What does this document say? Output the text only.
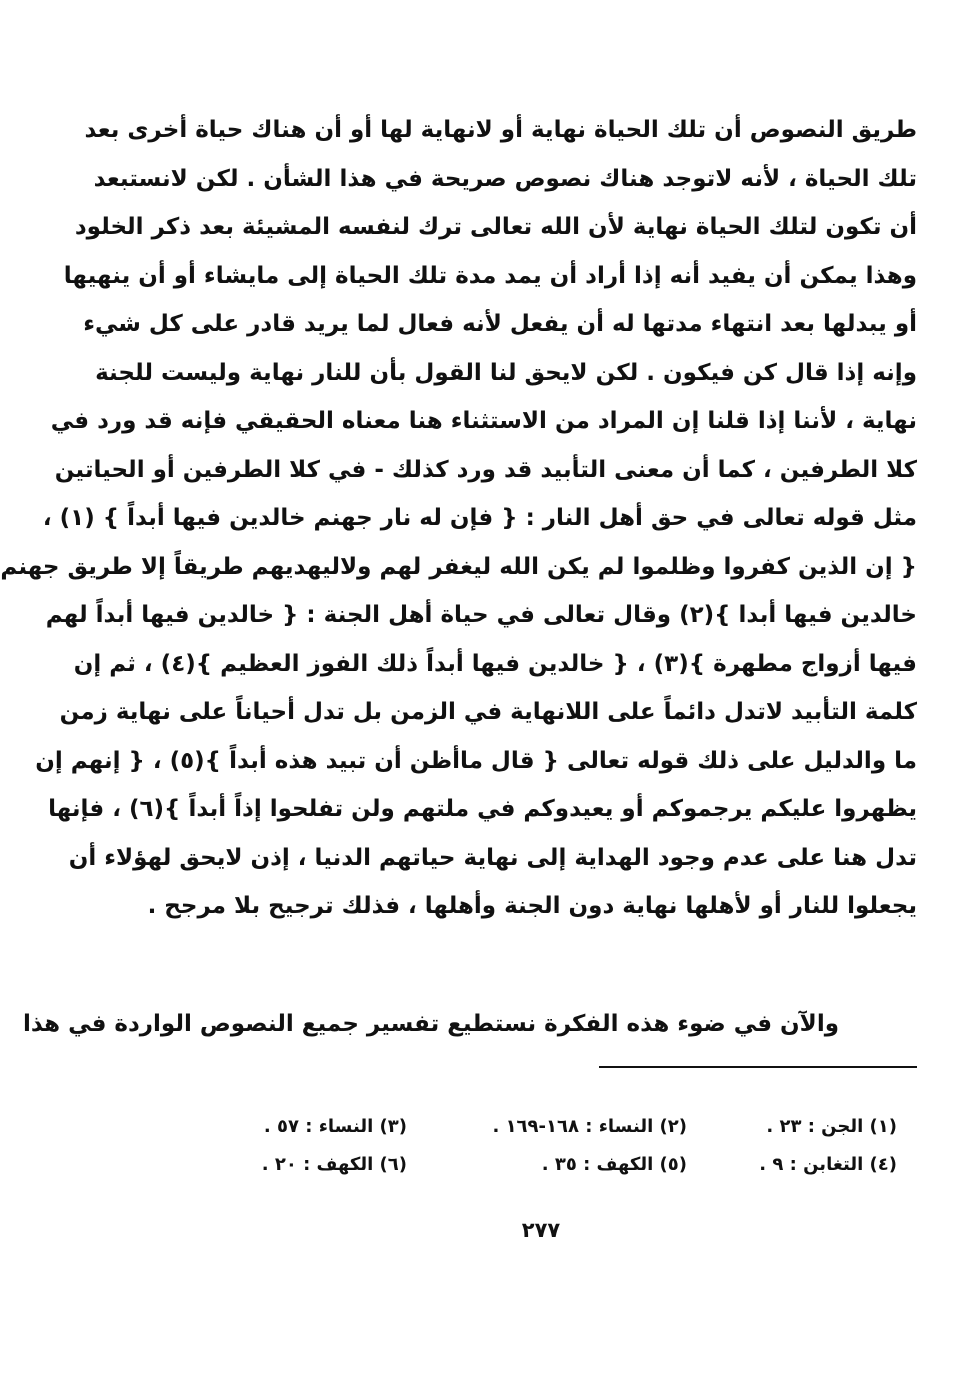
طريق النصوص أن تلك الحياة نهاية أو لانهاية لها أو أن هناك حياة أخرى بعد
تلك الحياة ، لأنه لاتوجد هناك نصوص صريحة في هذا الشأن . لكن لانستبعد
أن تكون لتلك الحياة نهاية لأن الله تعالى ترك لنفسه المشيئة بعد ذكر الخلود
وهذا يمكن أن يفيد أنه إذا أراد أن يمد مدة تلك الحياة إلى مايشاء أو أن ينهيها
أو يبدلها بعد انتهاء مدتها له أن يفعل لأنه فعال لما يريد قادر على كل شيء
وإنه إذا قال كن فيكون . لكن لايحق لنا القول بأن للنار نهاية وليست للجنة
نهاية ، لأننا إذا قلنا إن المراد من الاستثناء هنا معناه الحقيقي فإنه قد ورد في
كلا الطرفين ، كما أن معنى التأبيد قد ورد كذلك - في كلا الطرفين أو الحياتين
مثل قوله تعالى في حق أهل النار : { فإن له نار جهنم خالدين فيها أبداً } (١) ،
{ إن الذين كفروا وظلموا لم يكن الله ليغفر لهم ولاليهديهم طريقاً إلا طريق جهنم
خالدين فيها أبدا }(٢) وقال تعالى في حياة أهل الجنة : { خالدين فيها أبداً لهم
فيها أزواج مطهرة }(٣) ، { خالدين فيها أبداً ذلك الفوز العظيم }(٤) ، ثم إن
كلمة التأبيد لاتدل دائماً على اللانهاية في الزمن بل تدل أحياناً على نهاية زمن
ما والدليل على ذلك قوله تعالى { قال ماأظن أن تبيد هذه أبداً }(٥) ، { إنهم إن
يظهروا عليكم يرجموكم أو يعيدوكم في ملتهم ولن تفلحوا إذاً أبداً }(٦) ، فإنها
تدل هنا على عدم وجود الهداية إلى نهاية حياتهم الدنيا ، إذن لايحق لهؤلاء أن
يجعلوا للنار أو لأهلها نهاية دون الجنة وأهلها ، فذلك ترجيح بلا مرجح .
والآن في ضوء هذه الفكرة نستطيع تفسير جميع النصوص الواردة في هذا
(١) الجن : ٢٣ .
(٢) النساء : ١٦٨-١٦٩ .
(٣) النساء : ٥٧ .
(٤) التغابن : ٩ .
(٥) الكهف : ٣٥ .
(٦) الكهف : ٢٠ .
٢٧٧
